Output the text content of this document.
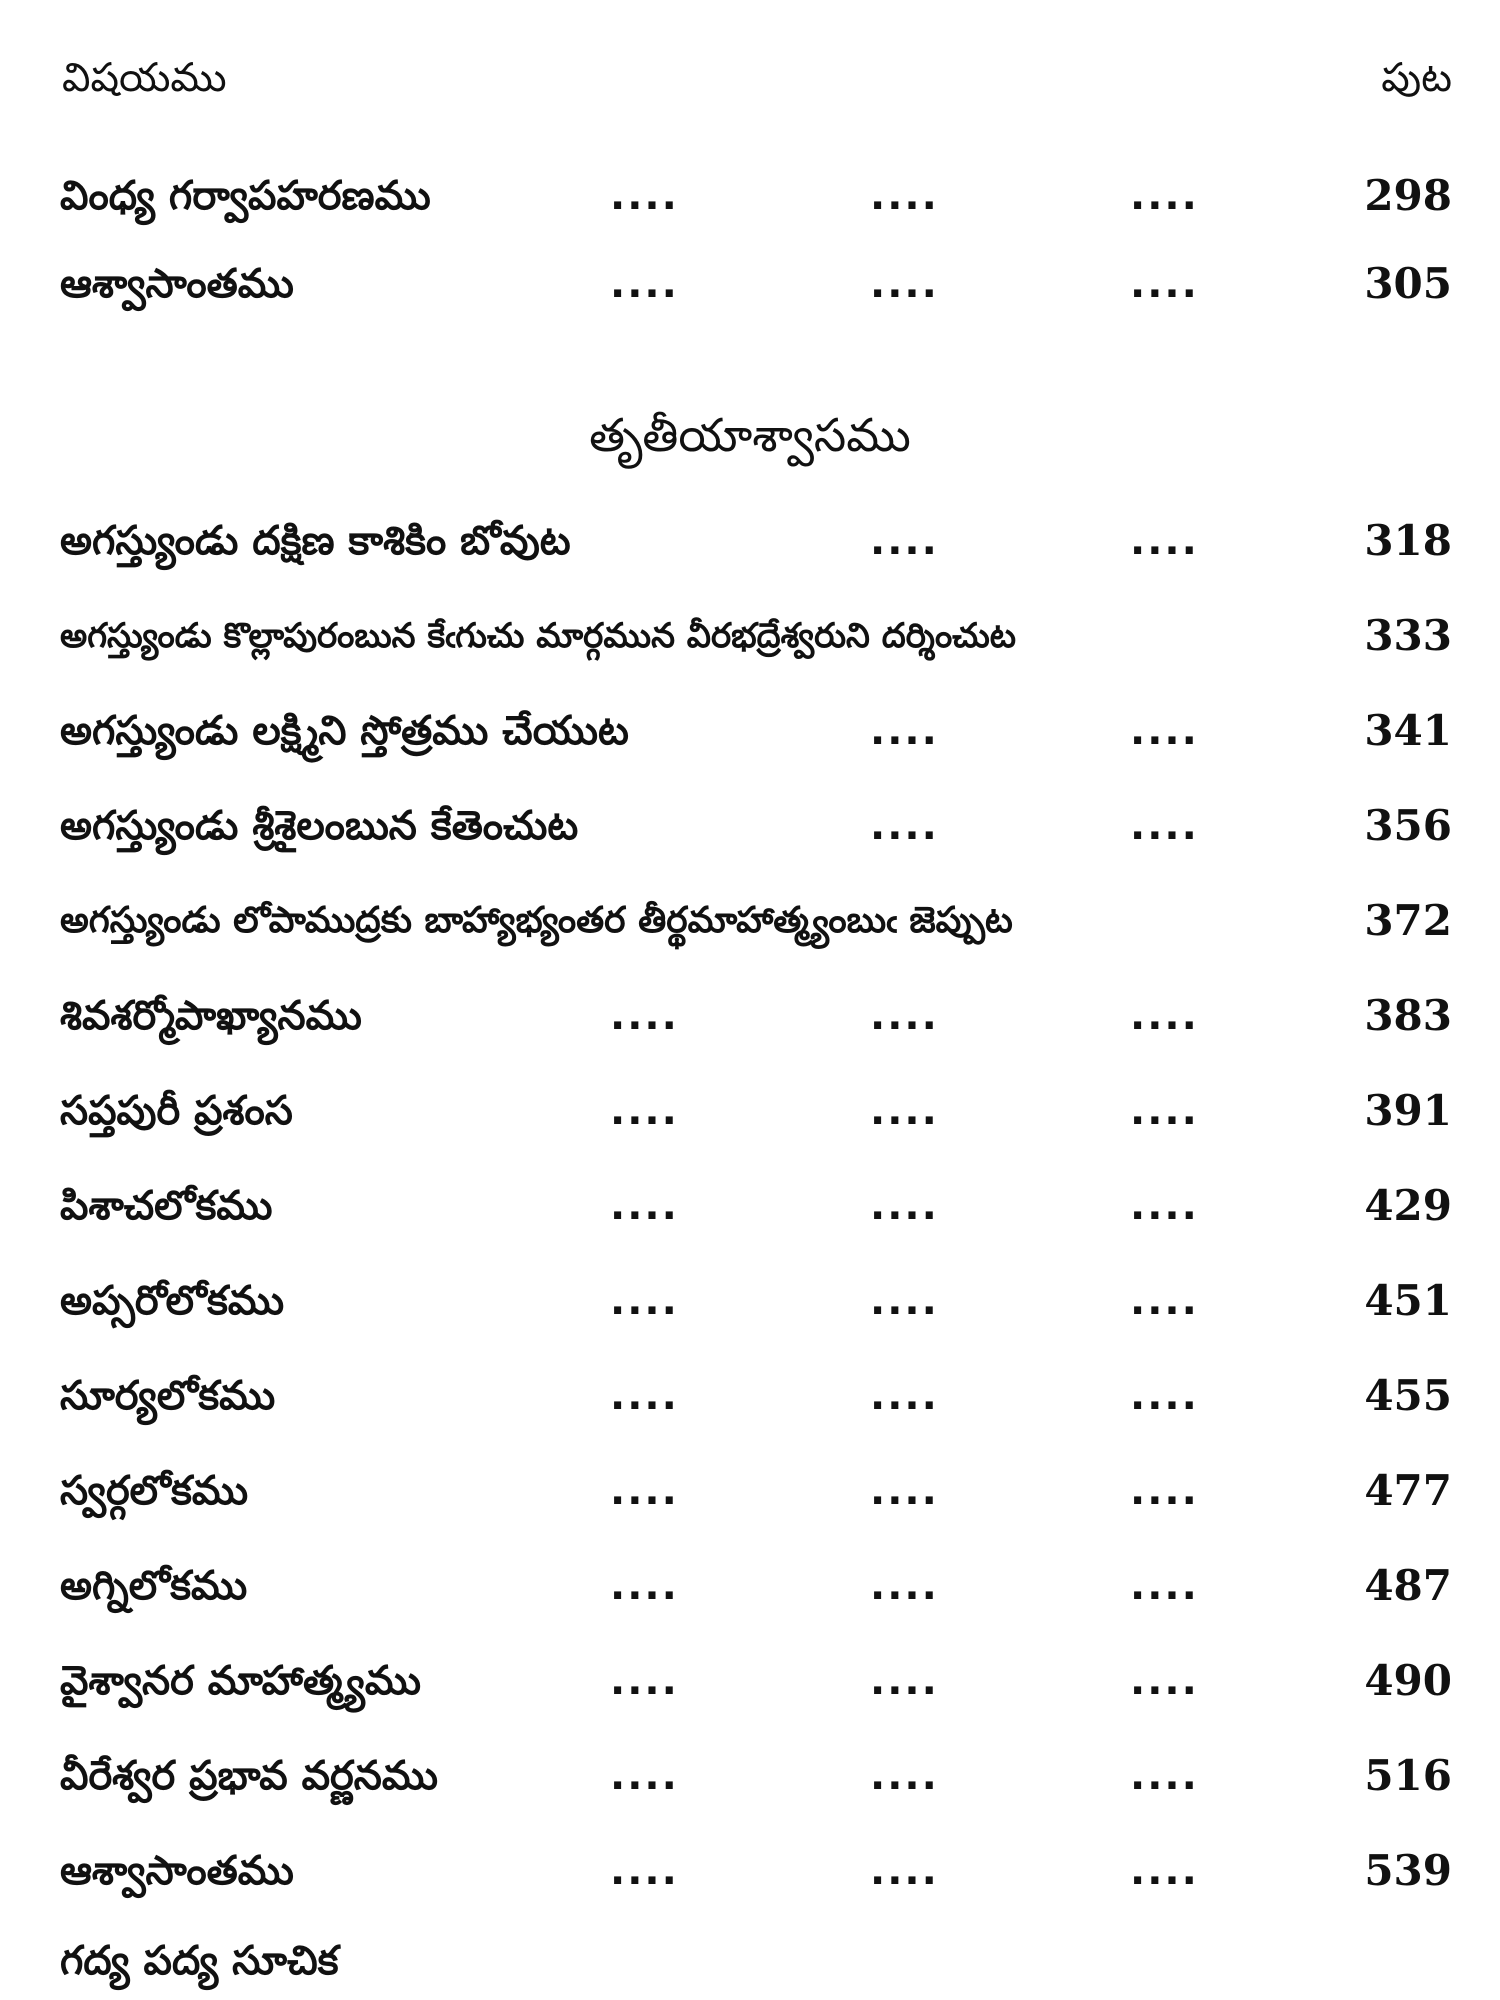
విషయము	పుట
వింధ్య గర్వాపహరణము	....	....	....	298
ఆశ్వాసాంతము	....	....	....	305
తృతీయాశ్వాసము
అగస్త్యుండు దక్షిణ కాశికిం బోవుట	....	....	318
అగస్త్యుండు కొల్లాపురంబున కేఁగుచు మార్గమున వీరభద్రేశ్వరుని దర్శించుట	333
అగస్త్యుండు లక్ష్మిని స్తోత్రము చేయుట	....	....	341
అగస్త్యుండు శ్రీశైలంబున కేతెంచుట	....	....	356
అగస్త్యుండు లోపాముద్రకు బాహ్యాభ్యంతర తీర్థమాహాత్మ్యంబుఁ జెప్పుట	372
శివశర్మోపాఖ్యానము	....	....	....	383
సప్తపురీ ప్రశంస	....	....	....	391
పిశాచలోకము	....	....	....	429
అప్సరోలోకము	....	....	....	451
సూర్యలోకము	....	....	....	455
స్వర్గలోకము	....	....	....	477
అగ్నిలోకము	....	....	....	487
వైశ్వానర మాహాత్మ్యము	....	....	....	490
వీరేశ్వర ప్రభావ వర్ణనము	....	....	....	516
ఆశ్వాసాంతము	....	....	....	539
గద్య పద్య సూచిక
